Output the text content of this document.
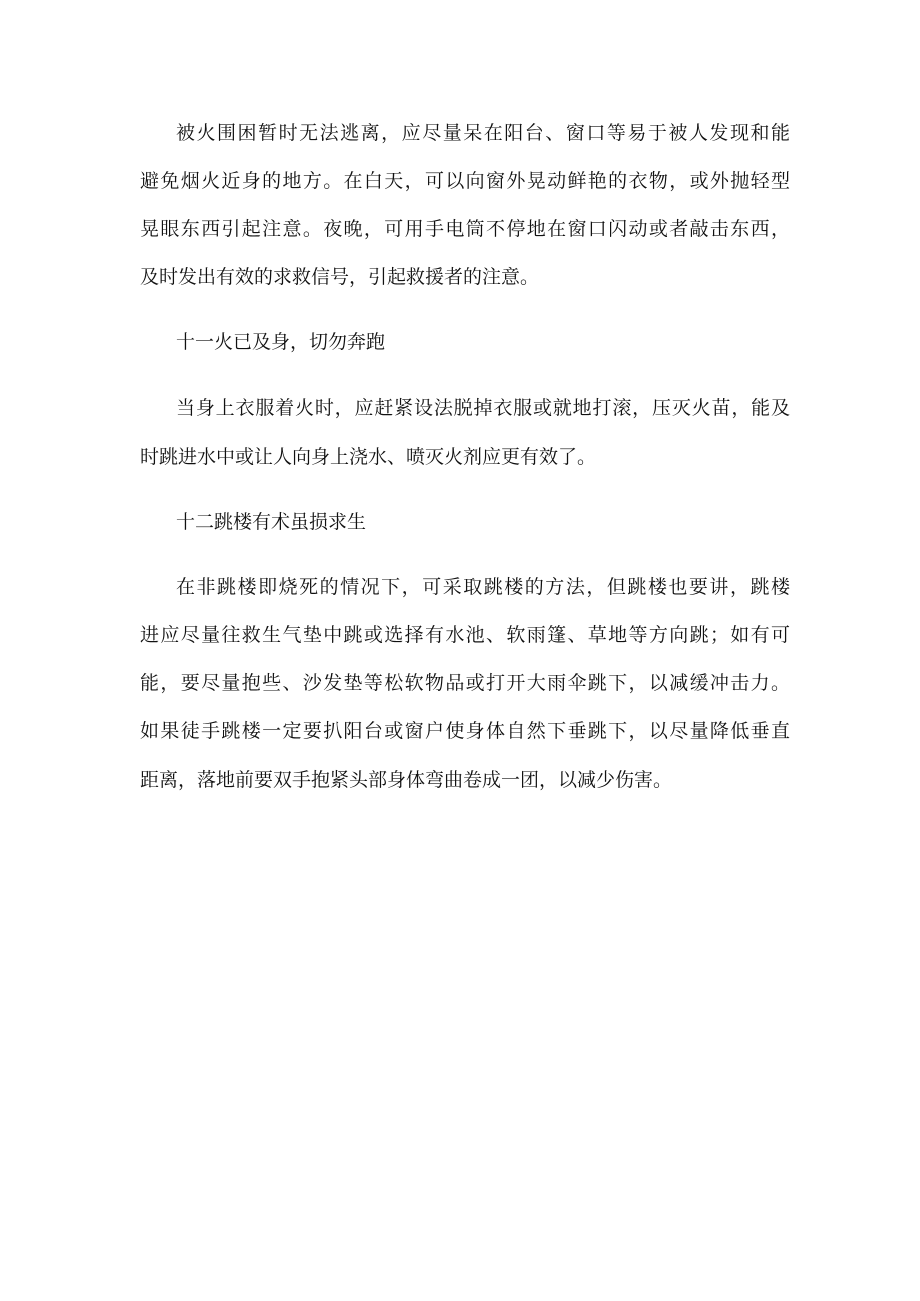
被火围困暂时无法逃离，应尽量呆在阳台、窗口等易于被人发现和能
避免烟火近身的地方。在白天，可以向窗外晃动鲜艳的衣物，或外抛轻型
晃眼东西引起注意。夜晚，可用手电筒不停地在窗口闪动或者敲击东西，
及时发出有效的求救信号，引起救援者的注意。
十一火已及身，切勿奔跑
当身上衣服着火时，应赶紧设法脱掉衣服或就地打滚，压灭火苗，能及
时跳进水中或让人向身上浇水、喷灭火剂应更有效了。
十二跳楼有术虽损求生
在非跳楼即烧死的情况下，可采取跳楼的方法，但跳楼也要讲，跳楼
进应尽量往救生气垫中跳或选择有水池、软雨篷、草地等方向跳；如有可
能，要尽量抱些、沙发垫等松软物品或打开大雨伞跳下，以减缓冲击力。
如果徒手跳楼一定要扒阳台或窗户使身体自然下垂跳下，以尽量降低垂直
距离，落地前要双手抱紧头部身体弯曲卷成一团，以减少伤害。
